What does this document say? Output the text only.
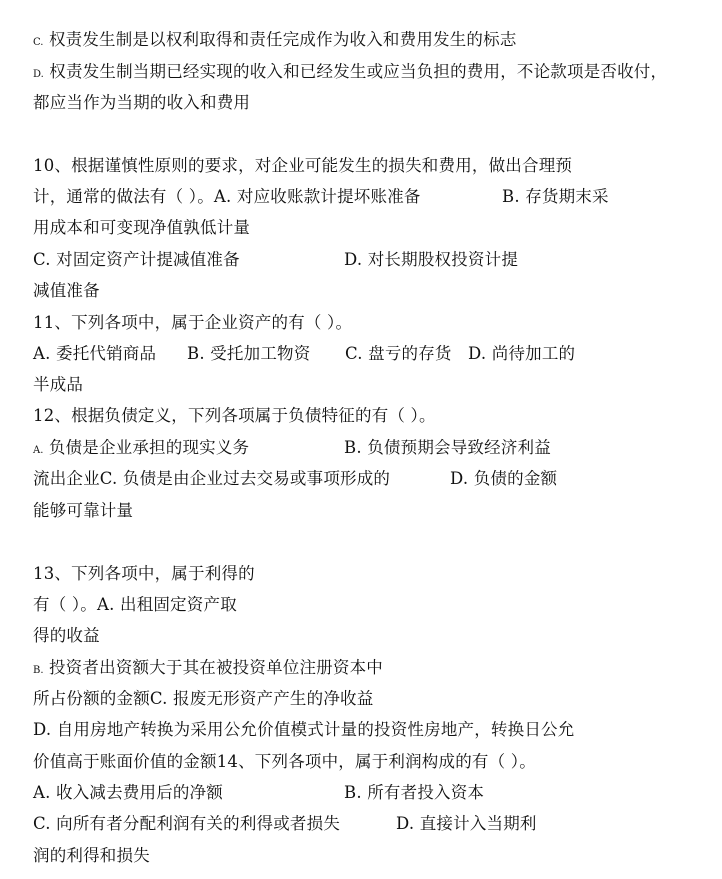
C. 权责发生制是以权利取得和责任完成作为收入和费用发生的标志
D. 权责发生制当期已经实现的收入和已经发生或应当负担的费用，不论款项是否收付，
都应当作为当期的收入和费用
10、根据谨慎性原则的要求，对企业可能发生的损失和费用，做出合理预
计，通常的做法有（ ）。A. 对应收账款计提坏账准备	B. 存货期末采
用成本和可变现净值孰低计量
C. 对固定资产计提减值准备	D. 对长期股权投资计提
减值准备
11、下列各项中，属于企业资产的有（ ）。
A. 委托代销商品 B. 受托加工物资 C. 盘亏的存货 D. 尚待加工的
半成品
12、根据负债定义，下列各项属于负债特征的有（ ）。
A. 负债是企业承担的现实义务	B. 负债预期会导致经济利益
流出企业C. 负债是由企业过去交易或事项形成的	D. 负债的金额
能够可靠计量
13、下列各项中，属于利得的
有（ ）。A. 出租固定资产取
得的收益
B. 投资者出资额大于其在被投资单位注册资本中
所占份额的金额C. 报废无形资产产生的净收益
D. 自用房地产转换为采用公允价值模式计量的投资性房地产，转换日公允
价值高于账面价值的金额14、下列各项中，属于利润构成的有（ ）。
A. 收入减去费用后的净额	B. 所有者投入资本
C. 向所有者分配利润有关的利得或者损失	D. 直接计入当期利
润的利得和损失
